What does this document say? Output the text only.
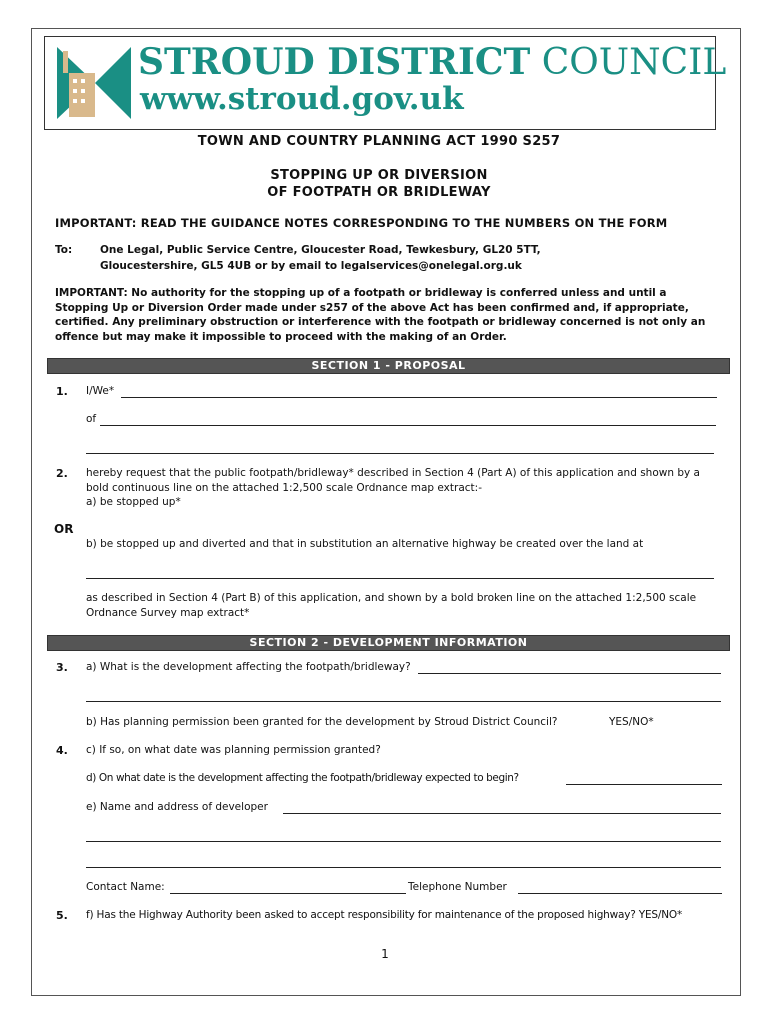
STROUD DISTRICT COUNCIL
www.stroud.gov.uk
TOWN AND COUNTRY PLANNING ACT 1990 S257
STOPPING UP OR DIVERSION
OF FOOTPATH OR BRIDLEWAY
IMPORTANT: READ THE GUIDANCE NOTES CORRESPONDING TO THE NUMBERS ON THE FORM
To:	One Legal, Public Service Centre, Gloucester Road, Tewkesbury, GL20 5TT,
Gloucestershire, GL5 4UB or by email to legalservices@onelegal.org.uk
IMPORTANT: No authority for the stopping up of a footpath or bridleway is conferred unless and until a
Stopping Up or Diversion Order made under s257 of the above Act has been confirmed and, if appropriate,
certified. Any preliminary obstruction or interference with the footpath or bridleway concerned is not only an
offence but may make it impossible to proceed with the making of an Order.
SECTION 1 - PROPOSAL
1. I/We*
of
2. hereby request that the public footpath/bridleway* described in Section 4 (Part A) of this application and shown by a
bold continuous line on the attached 1:2,500 scale Ordnance map extract:-
a) be stopped up*
OR
b) be stopped up and diverted and that in substitution an alternative highway be created over the land at
as described in Section 4 (Part B) of this application, and shown by a bold broken line on the attached 1:2,500 scale
Ordnance Survey map extract*
SECTION 2 - DEVELOPMENT INFORMATION
3. a) What is the development affecting the footpath/bridleway?
b) Has planning permission been granted for the development by Stroud District Council?	YES/NO*
4. c) If so, on what date was planning permission granted?
d) On what date is the development affecting the footpath/bridleway expected to begin?
e) Name and address of developer
Contact Name:	Telephone Number
5. f) Has the Highway Authority been asked to accept responsibility for maintenance of the proposed highway? YES/NO*
1
